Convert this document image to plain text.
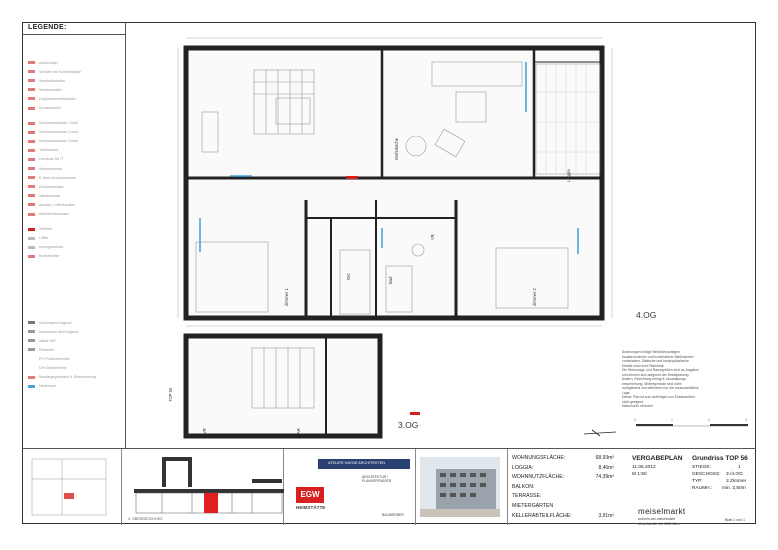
LEGENDE:
Ausschalter
Schalter mit Kontrolllampe
Wechselschalter
Serienschalter
Doppelwechselschalter
Kreuzschalter
Schukosteckdose 1-fach
Schukosteckdose 2-fach
Schukosteckdose 3-fach
Telefondose
Leerdose für IT
Antennendose
E-Herd-Anschlussdose
Deckenauslass
Wandauslass
Auslass, Lüfterschalter
Wohnlichtsauslass
Verteiler
Lüfter
Innengeschoss
Brandmelder
Außenwand tragend
Innenwand nicht tragend
Wand GKF
Rohsohle
FF=Fußbodenhöhe
DH=Deckenhöhe
Sanitärgegenstand lt. Beschreibung
Heizkörper
Wohnküche
Loggia
VR
Zimmer 1	Zimmer 2
Bad
WC
VR	AR
TOP 56
4.OG
3.OG	0	1	2	3
Änderungen infolge Behördenauflagen
bauatechnischer und konstruktiver Maßnahmen
vorbehalten. Statische und bauphysikalische
Details sind nicht Planinhalt.
Die Wohnungs- und Raumgrößen sind ca-Angaben
und können sich aufgrund der Detailplanung
ändern. Einrichtung erfolgt lt. Ausstattungs-
beschreibung. Möbelsymbole sind nicht
maßgebend und definieren nur die voraussichtliche
Lage.
Dieser Plan ist zum Anfertigen von Einbaumöbel
nicht geeignet.
Naturmaße nehmen!
4. OBERGESCHOSS
ATELIER HAYDE ARCHITEKTEN
ARCHITEKTUR / PLANVERFASSER
EGW
HEIMSTÄTTE
BAUWERBER
WOHNUNGSFLÄCHE:	68,93m²
LOGGIA:	8,46m²
WOHNNUTZFLÄCHE:	74,39m²
BALKON:
TERRASSE:
MIETERGARTEN
KELLERABTEILFLÄCHE:	3,91m²
VERGABEPLAN Grundriss TOP 56
11.06.2012
M 1:50
STIEGE:	1
GESCHOSS: 3./4.OG
TYP:	3 Zimmer
RAUMH.: min. 2,50m
meiselmarkt
wohnen-am-meiselmarkt
Meiselstraße 14, 1150 Wien
Blatt 1 von 1
